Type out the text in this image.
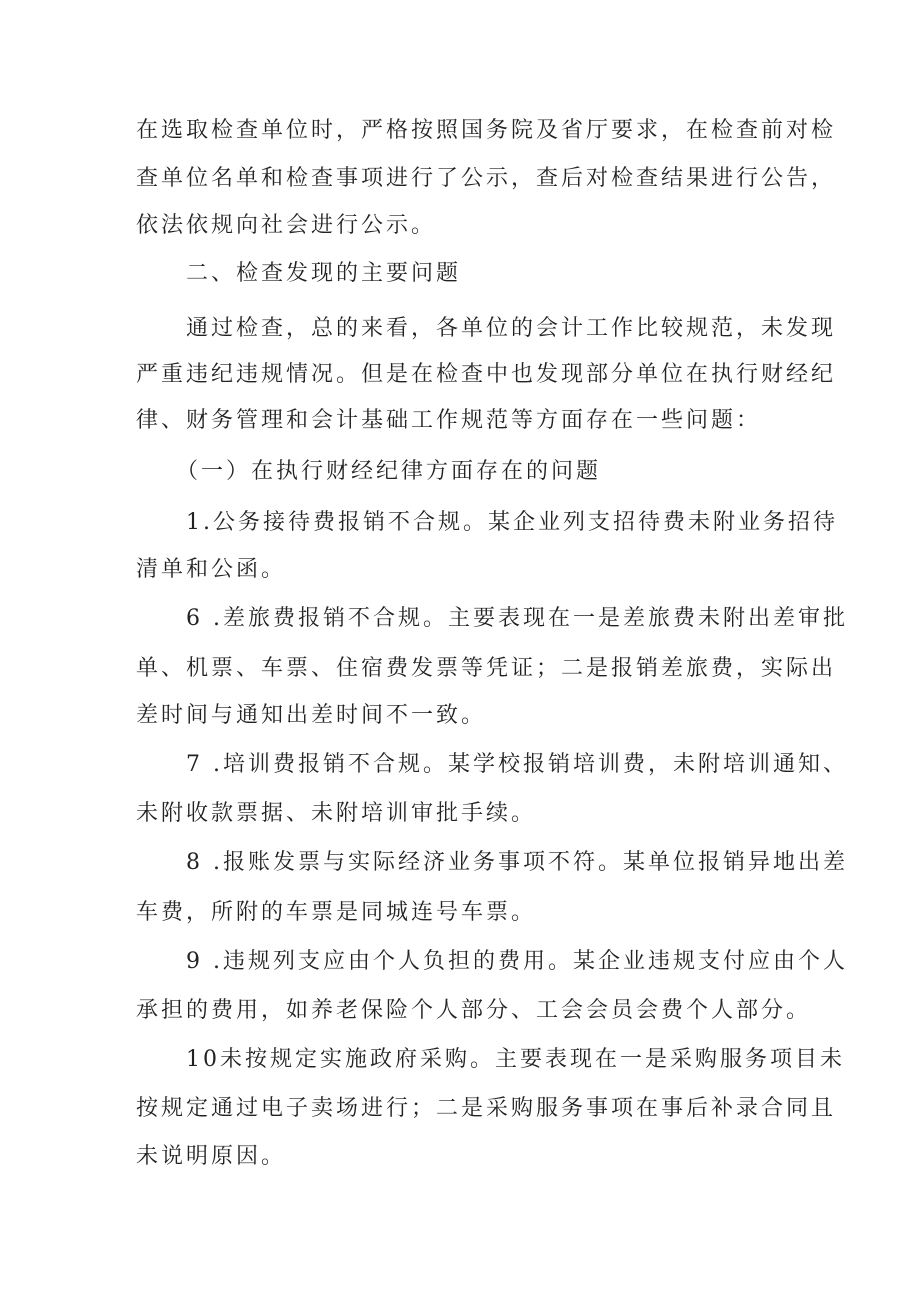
在选取检查单位时，严格按照国务院及省厅要求，在检查前对检
查单位名单和检查事项进行了公示，查后对检查结果进行公告，
依法依规向社会进行公示。
二、检查发现的主要问题
通过检查，总的来看，各单位的会计工作比较规范，未发现
严重违纪违规情况。但是在检查中也发现部分单位在执行财经纪
律、财务管理和会计基础工作规范等方面存在一些问题：
（一）在执行财经纪律方面存在的问题
1.公务接待费报销不合规。某企业列支招待费未附业务招待
清单和公函。
6 .差旅费报销不合规。主要表现在一是差旅费未附出差审批
单、机票、车票、住宿费发票等凭证；二是报销差旅费，实际出
差时间与通知出差时间不一致。
7 .培训费报销不合规。某学校报销培训费，未附培训通知、
未附收款票据、未附培训审批手续。
8 .报账发票与实际经济业务事项不符。某单位报销异地出差
车费，所附的车票是同城连号车票。
9 .违规列支应由个人负担的费用。某企业违规支付应由个人
承担的费用，如养老保险个人部分、工会会员会费个人部分。
10未按规定实施政府采购。主要表现在一是采购服务项目未
按规定通过电子卖场进行；二是采购服务事项在事后补录合同且
未说明原因。
